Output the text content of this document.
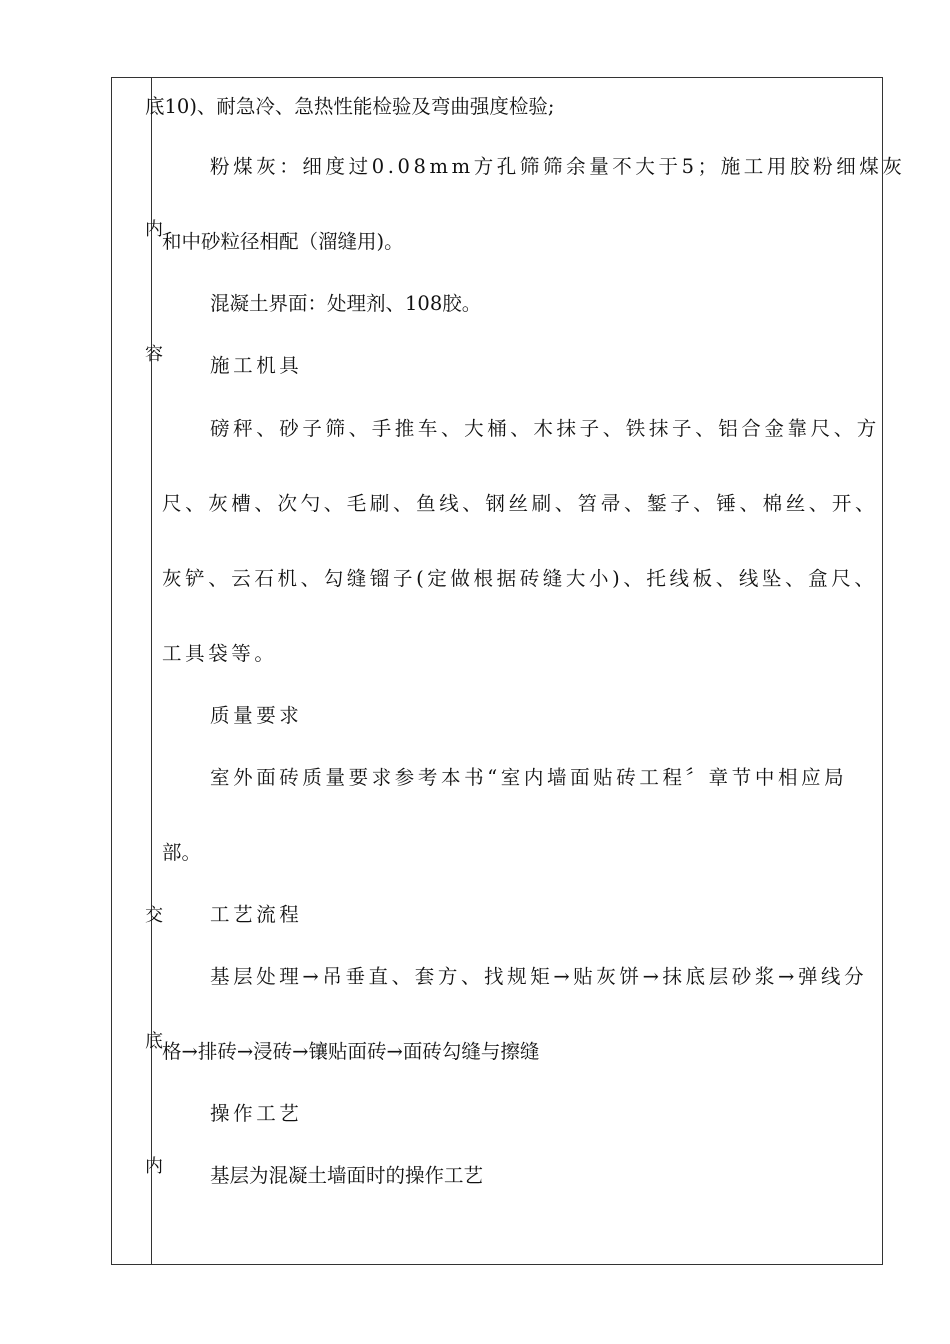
内
容
交
底
内
底10)、耐急冷、急热性能检验及弯曲强度检验;
粉煤灰：细度过0.08mm方孔筛筛余量不大于5；施工用胶粉细煤灰
和中砂粒径相配（溜缝用)。
混凝土界面：处理剂、108胶。
施工机具
磅秤、砂子筛、手推车、大桶、木抹子、铁抹子、铝合金靠尺、方
尺、灰槽、次勺、毛刷、鱼线、钢丝刷、笤帚、錾子、锤、棉丝、开、
灰铲、云石机、勾缝镏子(定做根据砖缝大小)、托线板、线坠、盒尺、
工具袋等。
质量要求
室外面砖质量要求参考本书“室内墙面贴砖工程〞章节中相应局
部。
工艺流程
基层处理→吊垂直、套方、找规矩→贴灰饼→抹底层砂浆→弹线分
格→排砖→浸砖→镶贴面砖→面砖勾缝与擦缝
操作工艺
基层为混凝土墙面时的操作工艺
